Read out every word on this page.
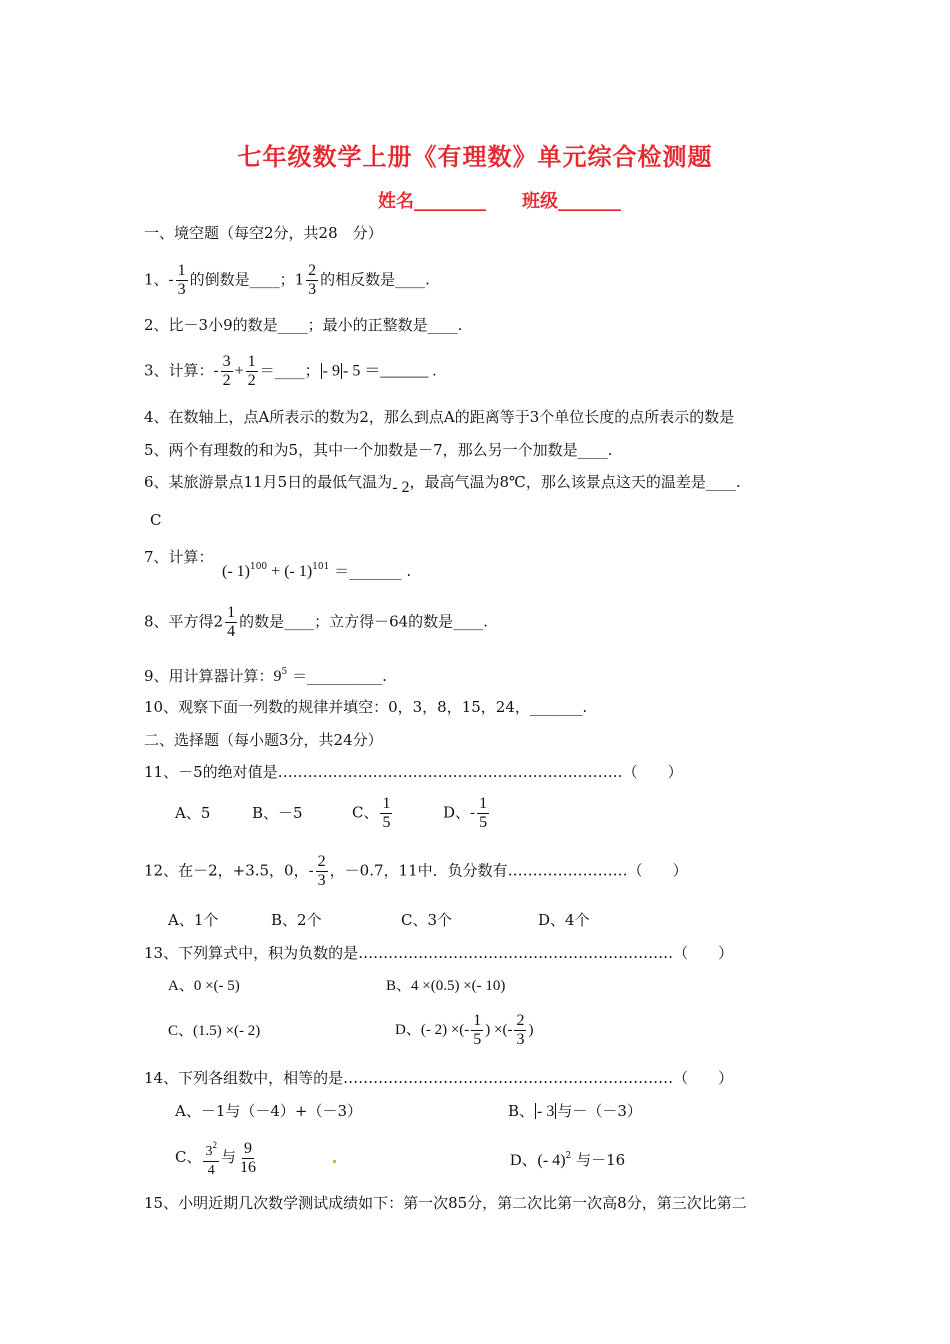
七年级数学上册《有理数》单元综合检测题
姓名________ 班级_______
一、境空题（每空2分，共28　分）
1、- $\frac{1}{3}$ 的倒数是____；$1 \frac{2}{3}$ 的相反数是____.
2、比－3小9的数是____；最小的正整数是____.
3、计算：- $\frac{3}{2} + \frac{1}{2}$ ＝____； - 9 - 5 ＝______ .
4、在数轴上，点A所表示的数为2，那么到点A的距离等于3个单位长度的点所表示的数是
5、两个有理数的和为5，其中一个加数是－7，那么另一个加数是____.
6、某旅游景点11月5日的最低气温为- 2，最高气温为8℃，那么该景点这天的温差是____.
C
7、计算：
(- 1)$^{100}$ + (- 1)$^{101}$ ＝_______ .
8、平方得$2 \frac{1}{4}$ 的数是____；立方得－64的数是____.
9、用计算器计算：$9^5$ ＝__________.
10、观察下面一列数的规律并填空：0，3，8，15，24，_______.
二、选择题（每小题3分，共24分）
11、－5的绝对值是……………………………………………………………（　　）
A、5	B、－5	C、 $\frac{1}{5}$	D、- $\frac{1}{5}$
12、在－2，+3.5，0，- $\frac{2}{3}$ ，－0.7，11中．负分数有……………………（　　）
A、1个	B、2个	C、3个	D、4个
13、下列算式中，积为负数的是………………………………………………………（　　）
A、0 ×(- 5)	B、4 ×(0.5) ×(- 10)
C、(1.5) ×(- 2)	D、(- 2) ×(- $\frac{1}{5}$ ) ×(- $\frac{2}{3}$ )
14、下列各组数中，相等的是…………………………………………………………（　　）
A、－1与（－4）+（－3）	B、 - 3 与－（－3）
C、 $\frac{3^2}{4}$ 与 $\frac{9}{16}$	D、(- 4)$^2$ 与－16
15、小明近期几次数学测试成绩如下：第一次85分，第二次比第一次高8分，第三次比第二
